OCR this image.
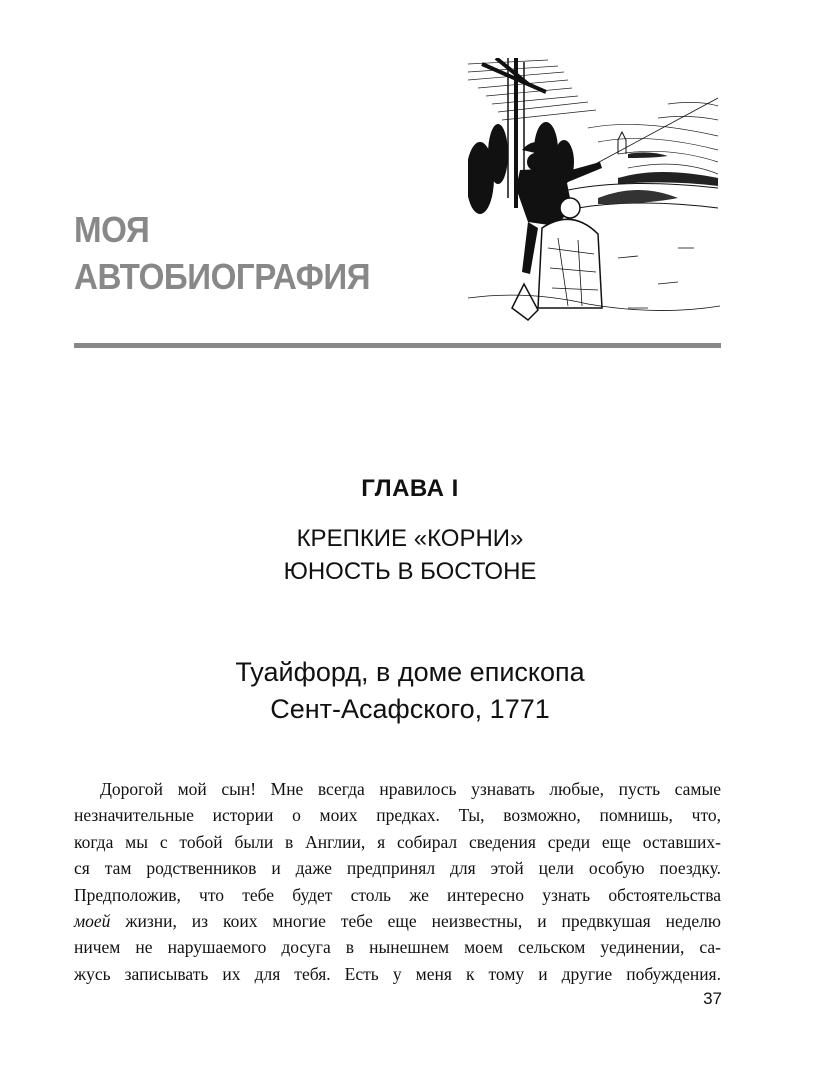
МОЯ
АВТОБИОГРАФИЯ
ГЛАВА I
КРЕПКИЕ «КОРНИ»
ЮНОСТЬ В БОСТОНЕ
Туайфорд, в доме епископа
Сент-Асафского, 1771
Дорогой мой сын! Мне всегда нравилось узнавать любые, пусть самые
незначительные истории о моих предках. Ты, возможно, помнишь, что,
когда мы с тобой были в Англии, я собирал сведения среди еще оставших-
ся там родственников и даже предпринял для этой цели особую поездку.
Предположив, что тебе будет столь же интересно узнать обстоятельства
моей жизни, из коих многие тебе еще неизвестны, и предвкушая неделю
ничем не нарушаемого досуга в нынешнем моем сельском уединении, са-
жусь записывать их для тебя. Есть у меня к тому и другие побуждения.
37
